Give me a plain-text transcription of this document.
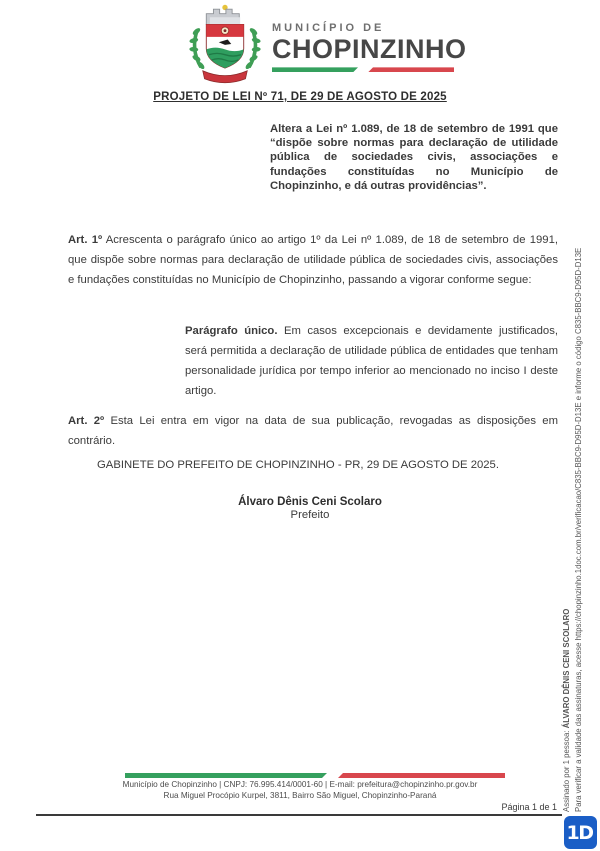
MUNICÍPIO DE
CHOPINZINHO
PROJETO DE LEI Nº 71, DE 29 DE AGOSTO DE 2025
Altera a Lei nº 1.089, de 18 de setembro de 1991 que “dispõe sobre normas para declaração de utilidade pública de sociedades civis, associações e fundações constituídas no Município de Chopinzinho, e dá outras providências”.

Art. 1º Acrescenta o parágrafo único ao artigo 1º da Lei nº 1.089, de 18 de setembro de 1991, que dispõe sobre normas para declaração de utilidade pública de sociedades civis, associações e fundações constituídas no Município de Chopinzinho, passando a vigorar conforme segue:

Parágrafo único. Em casos excepcionais e devidamente justificados, será permitida a declaração de utilidade pública de entidades que tenham personalidade jurídica por tempo inferior ao mencionado no inciso I deste artigo.

Art. 2º Esta Lei entra em vigor na data de sua publicação, revogadas as disposições em contrário.

GABINETE DO PREFEITO DE CHOPINZINHO - PR, 29 DE AGOSTO DE 2025.

Álvaro Dênis Ceni Scolaro
Prefeito
Município de Chopinzinho | CNPJ: 76.995.414/0001-60 | E-mail: prefeitura@chopinzinho.pr.gov.br
Rua Miguel Procópio Kurpel, 3811, Bairro São Miguel, Chopinzinho-Paraná
Página 1 de 1 Assinado por 1 pessoa: ÁLVARO DÊNIS CENI SCOLARO Para verificar a validade das assinaturas, acesse https://chopinzinho.1doc.com.br/verificacao/C835-BBC9-D95D-D13E e informe o código C835-BBC9-D95D-D13E
1D
